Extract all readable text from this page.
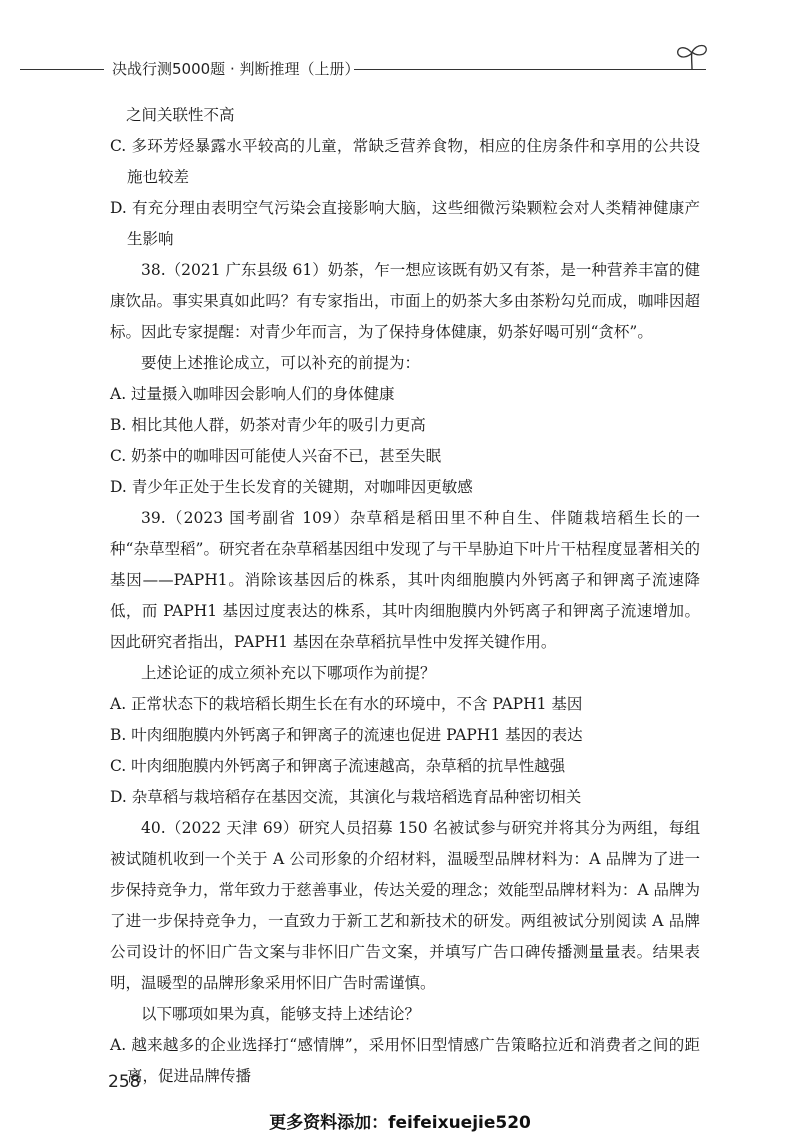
决战行测5000题 · 判断推理（上册）

之间关联性不高

C. 多环芳烃暴露水平较高的儿童，常缺乏营养食物，相应的住房条件和享用的公共设施也较差

D. 有充分理由表明空气污染会直接影响大脑，这些细微污染颗粒会对人类精神健康产生影响

38.（2021 广东县级 61）奶茶，乍一想应该既有奶又有茶，是一种营养丰富的健康饮品。事实果真如此吗？有专家指出，市面上的奶茶大多由茶粉勾兑而成，咖啡因超标。因此专家提醒：对青少年而言，为了保持身体健康，奶茶好喝可别“贪杯”。

要使上述推论成立，可以补充的前提为：

A. 过量摄入咖啡因会影响人们的身体健康

B. 相比其他人群，奶茶对青少年的吸引力更高

C. 奶茶中的咖啡因可能使人兴奋不已，甚至失眠

D. 青少年正处于生长发育的关键期，对咖啡因更敏感

39.（2023 国考副省 109）杂草稻是稻田里不种自生、伴随栽培稻生长的一种“杂草型稻”。研究者在杂草稻基因组中发现了与干旱胁迫下叶片干枯程度显著相关的基因——PAPH1。消除该基因后的株系，其叶肉细胞膜内外钙离子和钾离子流速降低，而 PAPH1 基因过度表达的株系，其叶肉细胞膜内外钙离子和钾离子流速增加。因此研究者指出，PAPH1 基因在杂草稻抗旱性中发挥关键作用。

上述论证的成立须补充以下哪项作为前提？

A. 正常状态下的栽培稻长期生长在有水的环境中，不含 PAPH1 基因

B. 叶肉细胞膜内外钙离子和钾离子的流速也促进 PAPH1 基因的表达

C. 叶肉细胞膜内外钙离子和钾离子流速越高，杂草稻的抗旱性越强

D. 杂草稻与栽培稻存在基因交流，其演化与栽培稻选育品种密切相关

40.（2022 天津 69）研究人员招募 150 名被试参与研究并将其分为两组，每组被试随机收到一个关于 A 公司形象的介绍材料，温暖型品牌材料为：A 品牌为了进一步保持竞争力，常年致力于慈善事业，传达关爱的理念；效能型品牌材料为：A 品牌为了进一步保持竞争力，一直致力于新工艺和新技术的研发。两组被试分别阅读 A 品牌公司设计的怀旧广告文案与非怀旧广告文案，并填写广告口碑传播测量量表。结果表明，温暖型的品牌形象采用怀旧广告时需谨慎。

以下哪项如果为真，能够支持上述结论？

A. 越来越多的企业选择打“感情牌”，采用怀旧型情感广告策略拉近和消费者之间的距离，促进品牌传播

258
更多资料添加：feifeixuejie520
